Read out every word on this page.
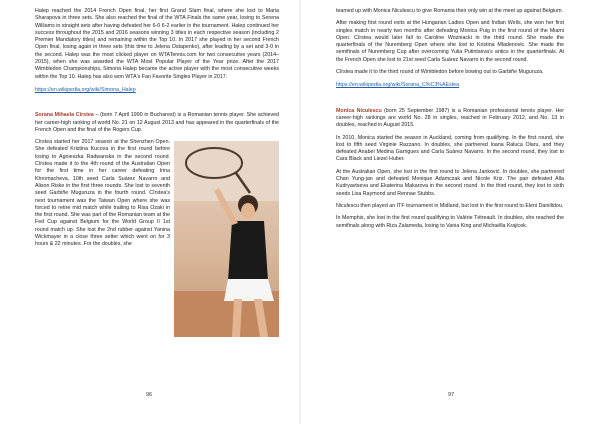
Halep reached the 2014 French Open final, her first Grand Slam final, where she lost to Maria Sharapova in three sets. She also reached the final of the WTA Finals the same year, losing to Serena Williams in straight sets after having defeated her 6-0 6-2 earlier in the tournament. Halep continued her success throughout the 2015 and 2016 seasons winning 3 titles in each respective season (including 2 Premier Mandatory titles) and remaining within the Top 10. In 2017 she played in her second French Open final, losing again in three sets (this time to Jelena Ostapenko), after leading by a set and 3-0 in the second. Halep was the most clicked player on WTATennis.com for two consecutive years (2014–2015), when she was awarded the WTA Most Popular Player of the Year prize. After the 2017 Wimbledon Championships, Simona Halep became the active player with the most consecutive weeks within the Top 10. Halep has also won WTA's Fan Favorite Singles Player in 2017.

https://en.wikipedia.org/wiki/Simona_Halep

Sorana Mihaela Cîrstea – (born 7 April 1990 in Bucharest) is a Romanian tennis player. She achieved her career-high ranking of world No. 21 on 12 August 2013 and has appeared in the quarterfinals of the French Open and the final of the Rogers Cup.

Cîrstea started her 2017 season at the Shenzhen Open. She defeated Kristina Kucova in the first round before losing to Agnieszka Radwanska in the second round. Cîrstea made it to the 4th round of the Australian Open for the first time in her career defeating Irina Khromacheva, 10th seed Carla Suárez Navarro and Alison Riske in the first three rounds. She lost to seventh seed Garbiñe Muguruza in the fourth round. Cîrstea's next tournament was the Taiwan Open where she was forced to retire mid match while trailing to Risa Ozaki in the first round. She was part of the Romanian team at the Fed Cup against Belgium for the World Group II 1st round match up. She lost the 2nd rubber against Yanina Wickmayer in a close three setter which went on for 3 hours & 22 minutes. For the doubles, she

96

teamed up with Monica Niculescu to give Romania their only win at the meet up against Belgium.

After making first round exits at the Hungarian Ladies Open and Indian Wells, she won her first singles match in nearly two months after defeating Monica Puig in the first round of the Miami Open. Cîrstea would later fall to Caroline Wozniacki in the third round. She made the quarterfinals of the Nuremberg Open where she lost to Kristina Mladenovic. She made the semifinals of Nuremberg Cup after overcoming Yulia Putintseva's antics in the quarterfinals. At the French Open she lost to 21st seed Carla Suárez Navarro in the second round.

Cîrstea made it to the third round of Wimbledon before bowing out to Garbiñe Muguruza.

https://en.wikipedia.org/wiki/Sorana_C%C3%AEstea

Monica Niculescu (born 25 September 1987) is a Romanian professional tennis player. Her career-high rankings are world No. 28 in singles, reached in February 2012, and No. 13 in doubles, reached in August 2015.

In 2010, Monica started the season in Auckland, coming from qualifying. In the first round, she lost to fifth seed Virginie Razzano. In doubles, she partnered Ioana Raluca Olaru, and they defeated Anabel Medina Garrigues and Carla Suárez Navarro. In the second round, they lost to Cara Black and Liezel Huber.

At the Australian Open, she lost in the first round to Jelena Janković. In doubles, she partnered Chan Yung-jan and defeated Monique Adamczak and Nicole Kriz. The pair defeated Alla Kudryavtseva and Ekaterina Makarova in the second round. In the third round, they lost to sixth seeds Lisa Raymond and Rennae Stubbs.

Niculescu then played an ITF tournament in Midland, but lost in the first round to Eleni Daniilidou.

In Memphis, she lost in the first round qualifying to Valérie Tétreault. In doubles, she reached the semifinals along with Riza Zalameda, losing to Vania King and Michaëlla Krajicek.

97
